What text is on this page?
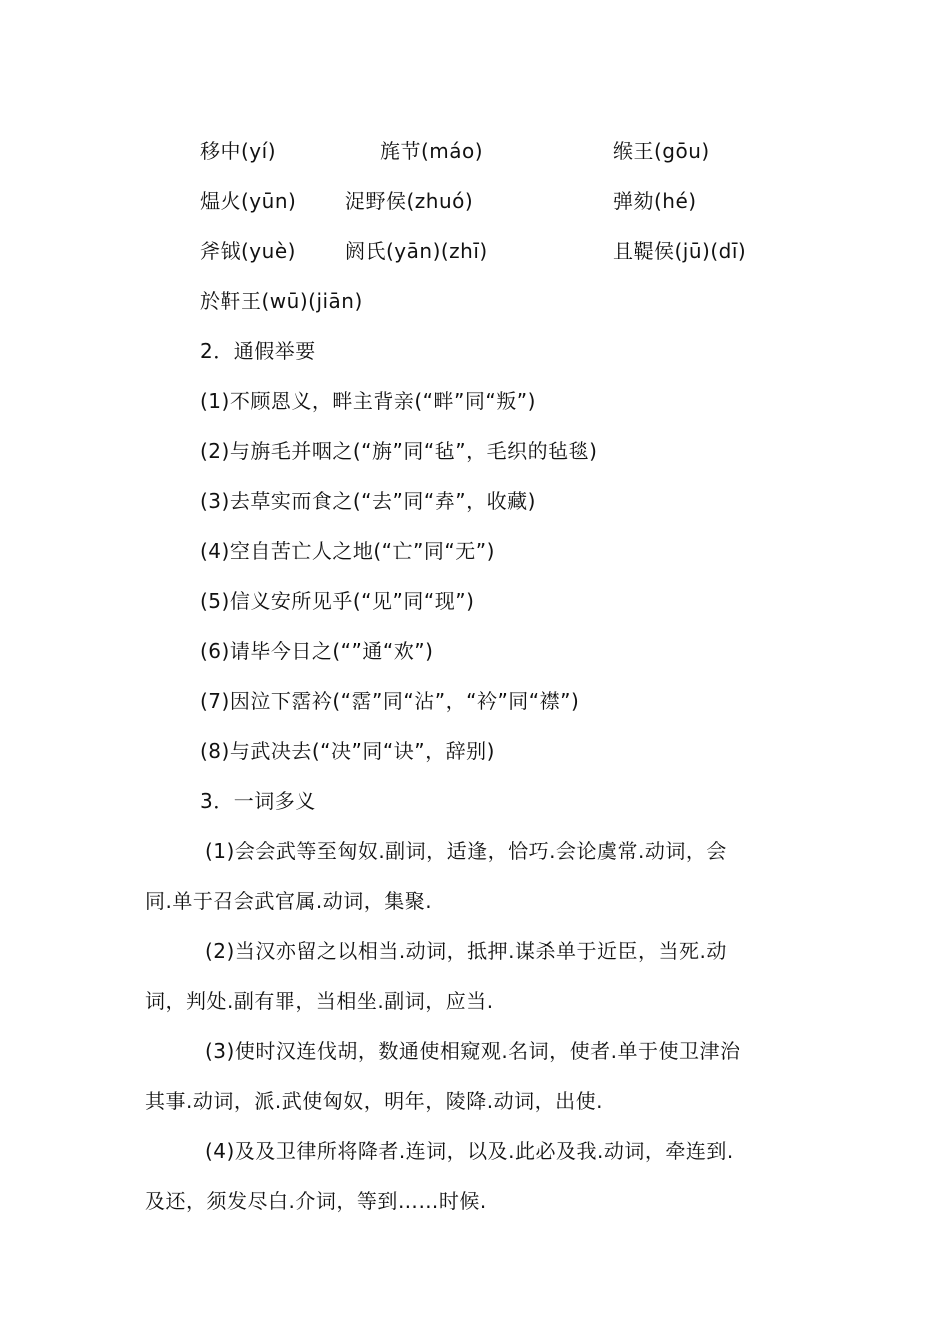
移中(yí)	旄节(máo)	缑王(gōu)
煴火(yūn) 浞野侯(zhuó)	弹劾(hé)
斧钺(yuè) 阏氏(yān)(zhī)	且鞮侯(jū)(dī)
於靬王(wū)(jiān)
2．通假举要
(1)不顾恩义，畔主背亲(“畔”同“叛”)
(2)与旃毛并咽之(“旃”同“毡”，毛织的毡毯)
(3)去草实而食之(“去”同“弆”，收藏)
(4)空自苦亡人之地(“亡”同“无”)
(5)信义安所见乎(“见”同“现”)
(6)请毕今日之(“”通“欢”)
(7)因泣下霑衿(“霑”同“沾”，“衿”同“襟”)
(8)与武决去(“决”同“诀”，辞别)
3．一词多义
(1)会会武等至匈奴.副词，适逢，恰巧.会论虞常.动词，会
同.单于召会武官属.动词，集聚.
(2)当汉亦留之以相当.动词，抵押.谋杀单于近臣，当死.动
词，判处.副有罪，当相坐.副词，应当.
(3)使时汉连伐胡，数通使相窥观.名词，使者.单于使卫津治
其事.动词，派.武使匈奴，明年，陵降.动词，出使.
(4)及及卫律所将降者.连词，以及.此必及我.动词，牵连到.
及还，须发尽白.介词，等到……时候.
